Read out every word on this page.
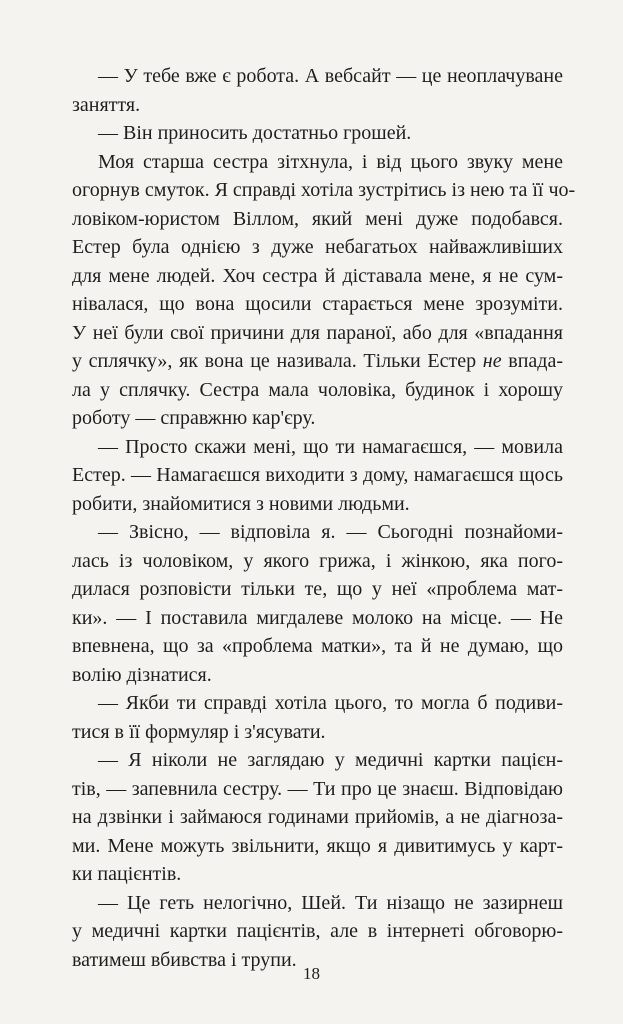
— У тебе вже є робота. А вебсайт — це неоплачуване
заняття.
— Він приносить достатньо грошей.
Моя старша сестра зітхнула, і від цього звуку мене
огорнув смуток. Я справді хотіла зустрітись із нею та її чо-
ловіком-юристом Віллом, який мені дуже подобався.
Естер була однією з дуже небагатьох найважливіших
для мене людей. Хоч сестра й діставала мене, я не сум-
нівалася, що вона щосили старається мене зрозуміти.
У неї були свої причини для параної, або для «впадання
у сплячку», як вона це називала. Тільки Естер не впада-
ла у сплячку. Сестра мала чоловіка, будинок і хорошу
роботу — справжню кар'єру.
— Просто скажи мені, що ти намагаєшся, — мовила
Естер. — Намагаєшся виходити з дому, намагаєшся щось
робити, знайомитися з новими людьми.
— Звісно, — відповіла я. — Сьогодні познайоми-
лась із чоловіком, у якого грижа, і жінкою, яка пого-
дилася розповісти тільки те, що у неї «проблема мат-
ки». — І поставила мигдалеве молоко на місце. — Не
впевнена, що за «проблема матки», та й не думаю, що
волію дізнатися.
— Якби ти справді хотіла цього, то могла б подиви-
тися в її формуляр і з'ясувати.
— Я ніколи не заглядаю у медичні картки пацієн-
тів, — запевнила сестру. — Ти про це знаєш. Відповідаю
на дзвінки і займаюся годинами прийомів, а не діагноза-
ми. Мене можуть звільнити, якщо я дивитимусь у карт-
ки пацієнтів.
— Це геть нелогічно, Шей. Ти нізащо не зазирнеш
у медичні картки пацієнтів, але в інтернеті обговорю-
ватимеш вбивства і трупи.
18
